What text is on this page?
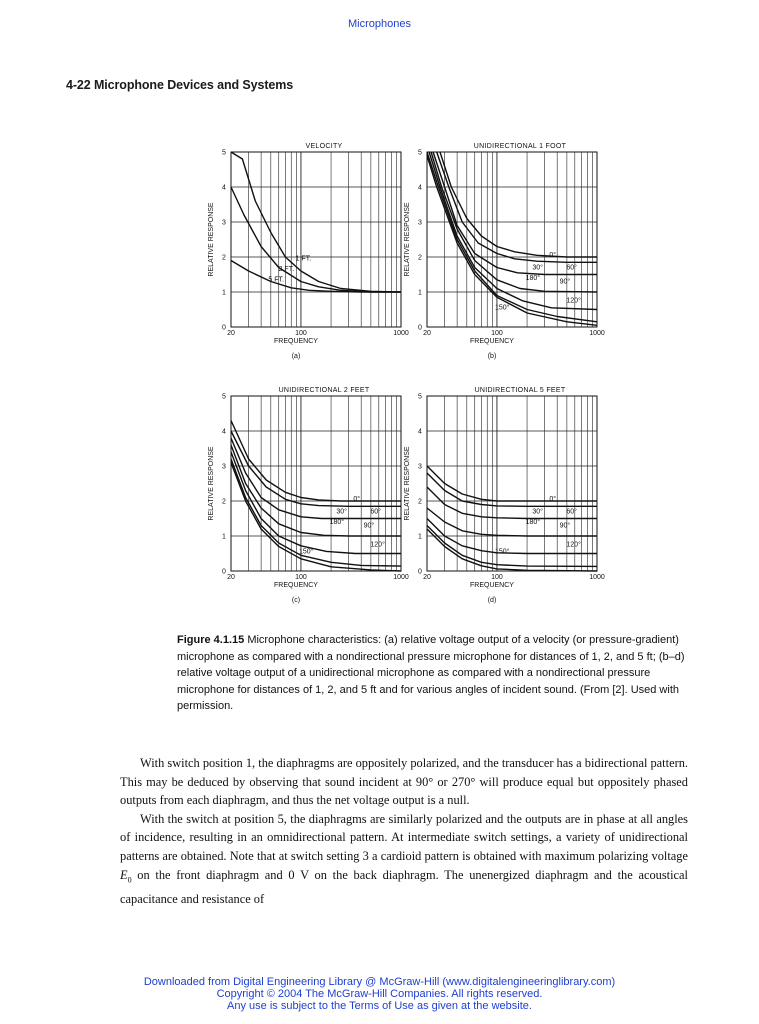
Microphones
4-22 Microphone Devices and Systems
0
1
2
3
4
5
20	100	1000
VELOCITY
FREQUENCY
(a)
RELATIVE RESPONSE	1 FT.
2 FT.
5 FT.
0
1
2
3
4
5
20	100	1000
UNIDIRECTIONAL 1 FOOT
FREQUENCY
(b)
RELATIVE RESPONSE	0°
30°	60°
90°
120°
150°
180°
0
1
2
3
4
5
20	100	1000
UNIDIRECTIONAL 2 FEET
FREQUENCY
(c)
RELATIVE RESPONSE	0°
30°	60°
90°
120°
150°
180°
0
1
2
3
4
5
20	100	1000
UNIDIRECTIONAL 5 FEET
FREQUENCY
(d)
RELATIVE RESPONSE	0°
30°	60°
90°
120°
150°
180°
Figure 4.1.15 Microphone characteristics: (a) relative voltage output of a velocity (or pressure-gradient) microphone as compared with a nondirectional pressure microphone for distances of 1, 2, and 5 ft; (b–d) relative voltage output of a unidirectional microphone as compared with a nondirectional pressure microphone for distances of 1, 2, and 5 ft and for various angles of incident sound. (From [2]. Used with permission.

With switch position 1, the diaphragms are oppositely polarized, and the transducer has a bidirectional pattern. This may be deduced by observing that sound incident at 90° or 270° will produce equal but oppositely phased outputs from each diaphragm, and thus the net voltage output is a null.

With the switch at position 5, the diaphragms are similarly polarized and the outputs are in phase at all angles of incidence, resulting in an omnidirectional pattern. At intermediate switch settings, a variety of unidirectional patterns are obtained. Note that at switch setting 3 a cardioid pattern is obtained with maximum polarizing voltage $E_0$ on the front diaphragm and 0 V on the back diaphragm. The unenergized diaphragm and the acoustical capacitance and resistance of

Downloaded from Digital Engineering Library @ McGraw-Hill (www.digitalengineeringlibrary.com)
Copyright © 2004 The McGraw-Hill Companies. All rights reserved.
Any use is subject to the Terms of Use as given at the website.
